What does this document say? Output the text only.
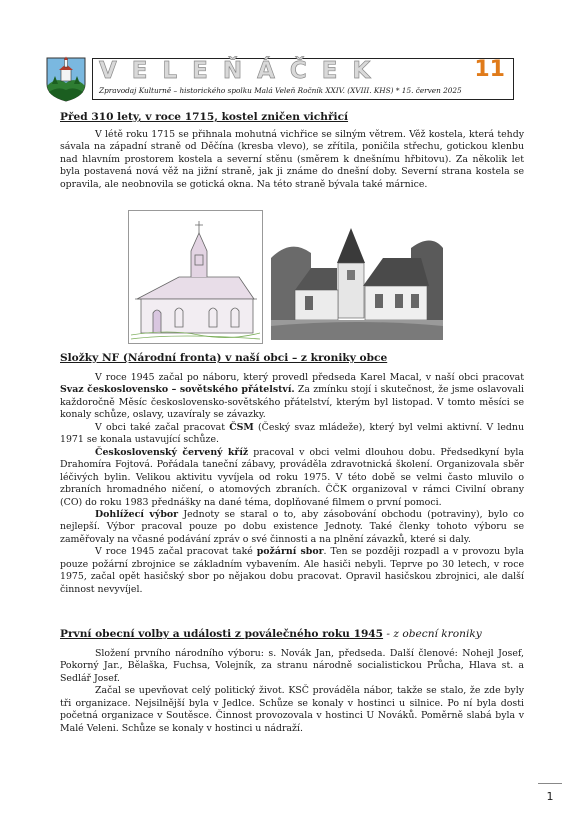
VELEŇÁČEK	11
Zpravodaj Kulturně – historického spolku Malá Veleň Ročník XXIV. (XVIII. KHS) * 15. červen 2025
Před 310 lety, v roce 1715, kostel zničen vichřicí

V létě roku 1715 se přihnala mohutná vichřice se silným větrem. Věž kostela, která tehdy sávala na západní straně od Děčína (kresba vlevo), se zřítila, poničila střechu, gotickou klenbu nad hlavním prostorem kostela a severní stěnu (směrem k dnešnímu hřbitovu). Za několik let byla postavená nová věž na jižní straně, jak ji známe do dnešní doby. Severní strana kostela se opravila, ale neobnovila se gotická okna. Na této straně bývala také márnice.

Složky NF (Národní fronta) v naší obci – z kroniky obce

V roce 1945 začal po náboru, který provedl předseda Karel Macal, v naší obci pracovat Svaz československo – sovětského přátelství. Za zmínku stojí i skutečnost, že jsme oslavovali každoročně Měsíc československo-sovětského přátelství, kterým byl listopad. V tomto měsíci se konaly schůze, oslavy, uzavíraly se závazky.

V obci také začal pracovat ČSM (Český svaz mládeže), který byl velmi aktivní. V lednu 1971 se konala ustavující schůze.

Československý červený kříž pracoval v obci velmi dlouhou dobu. Předsedkyní byla Drahomíra Fojtová. Pořádala taneční zábavy, prováděla zdravotnická školení. Organizovala sběr léčivých bylin. Velikou aktivitu vyvíjela od roku 1975. V této době se velmi často mluvilo o zbraních hromadného ničení, o atomových zbraních. ČČK organizoval v rámci Civilní obrany (CO) do roku 1983 přednášky na dané téma, doplňované filmem o první pomoci.

Dohlížecí výbor Jednoty se staral o to, aby zásobování obchodu (potraviny), bylo co nejlepší. Výbor pracoval pouze po dobu existence Jednoty. Také členky tohoto výboru se zaměřovaly na včasné podávání zpráv o své činnosti a na plnění závazků, které si daly.

V roce 1945 začal pracovat také požární sbor. Ten se později rozpadl a v provozu byla pouze požární zbrojnice se základním vybavením. Ale hasiči nebyli. Teprve po 30 letech, v roce 1975, začal opět hasičský sbor po nějakou dobu pracovat. Opravil hasičskou zbrojnici, ale další činnost nevyvíjel.

První obecní volby a události z poválečného roku 1945 - z obecní kroniky

Složení prvního národního výboru: s. Novák Jan, předseda. Další členové: Nohejl Josef, Pokorný Jar., Bělaška, Fuchsa, Volejník, za stranu národně socialistickou Průcha, Hlava st. a Sedlář Josef.

Začal se upevňovat celý politický život. KSČ prováděla nábor, takže se stalo, že zde byly tři organizace. Nejsilnější byla v Jedlce. Schůze se konaly v hostinci u silnice. Po ní byla dosti početná organizace v Soutěsce. Činnost provozovala v hostinci U Nováků. Poměrně slabá byla v Malé Veleni. Schůze se konaly v hostinci u nádraží.

1
